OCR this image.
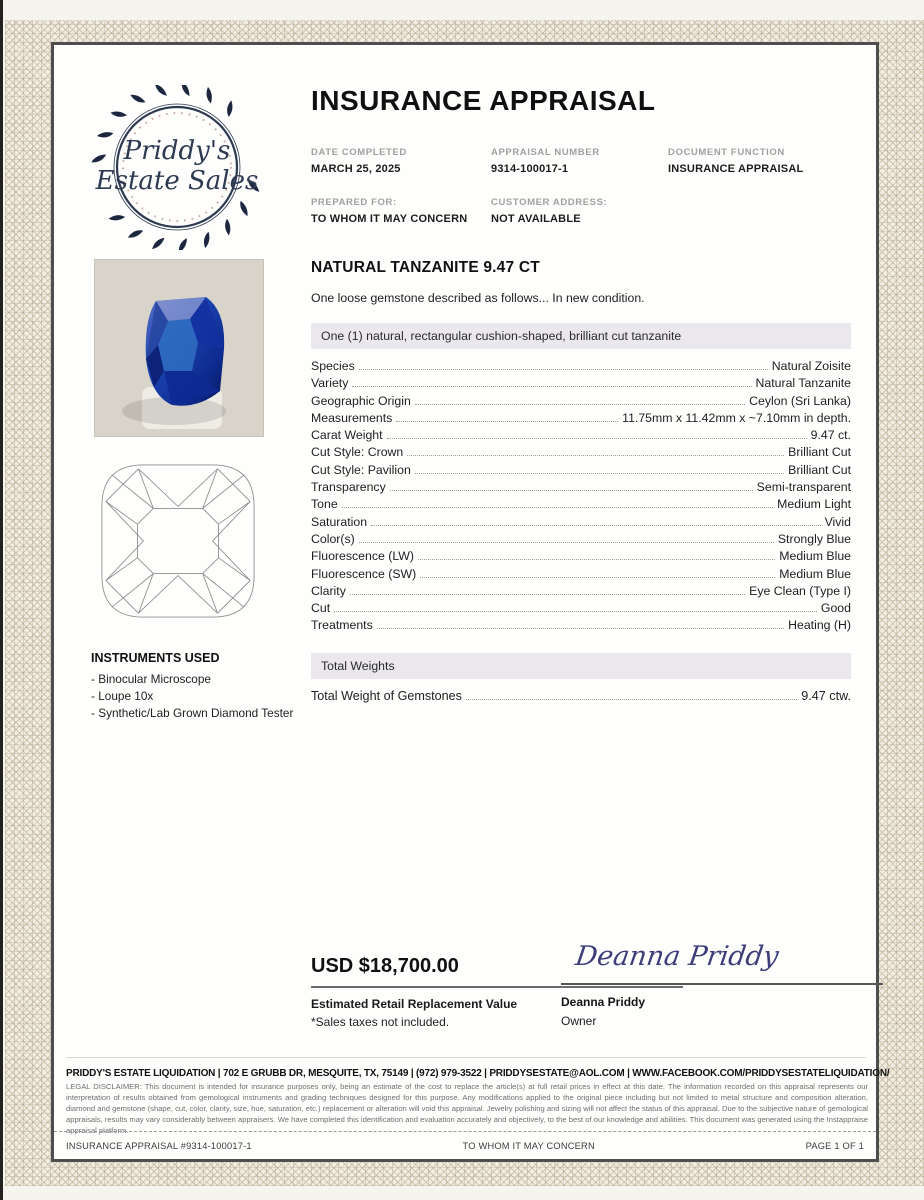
Priddy's
Estate Sales
INSURANCE APPRAISAL
DATE COMPLETED
MARCH 25, 2025
APPRAISAL NUMBER
9314-100017-1
DOCUMENT FUNCTION
INSURANCE APPRAISAL
PREPARED FOR:
TO WHOM IT MAY CONCERN
CUSTOMER ADDRESS:
NOT AVAILABLE
INSTRUMENTS USED
- Binocular Microscope
- Loupe 10x
- Synthetic/Lab Grown Diamond Tester
NATURAL TANZANITE 9.47 CT
One loose gemstone described as follows... In new condition.
One (1) natural, rectangular cushion-shaped, brilliant cut tanzanite
Species	Natural Zoisite
Variety	Natural Tanzanite
Geographic Origin	Ceylon (Sri Lanka)
Measurements	11.75mm x 11.42mm x ~7.10mm in depth.
Carat Weight	9.47 ct.
Cut Style: Crown	Brilliant Cut
Cut Style: Pavilion	Brilliant Cut
Transparency	Semi-transparent
Tone	Medium Light
Saturation	Vivid
Color(s)	Strongly Blue
Fluorescence (LW)	Medium Blue
Fluorescence (SW)	Medium Blue
Clarity	Eye Clean (Type I)
Cut	Good
Treatments	Heating (H)
Total Weights
Total Weight of Gemstones	9.47 ctw.
USD $18,700.00
Estimated Retail Replacement Value
*Sales taxes not included.
Deanna Priddy
Deanna Priddy
Owner
PRIDDY'S ESTATE LIQUIDATION | 702 E GRUBB DR, MESQUITE, TX, 75149 | (972) 979-3522 | PRIDDYSESTATE@AOL.COM | WWW.FACEBOOK.COM/PRIDDYSESTATELIQUIDATION/
LEGAL DISCLAIMER: This document is intended for insurance purposes only, being an estimate of the cost to replace the article(s) at full retail prices in effect at this date. The information recorded on this appraisal represents our interpretation of results obtained from gemological instruments and grading techniques designed for this purpose. Any modifications applied to the original piece including but not limited to metal structure and composition alteration, diamond and gemstone (shape, cut, color, clarity, size, hue, saturation, etc.) replacement or alteration will void this appraisal. Jewelry polishing and sizing will not affect the status of this appraisal. Due to the subjective nature of gemological appraisals, results may vary considerably between appraisers. We have completed this identification and evaluation accurately and objectively, to the best of our knowledge and abilities. This document was generated using the Instappraise appraisal platform.
INSURANCE APPRAISAL #9314-100017-1	TO WHOM IT MAY CONCERN	PAGE 1 OF 1
